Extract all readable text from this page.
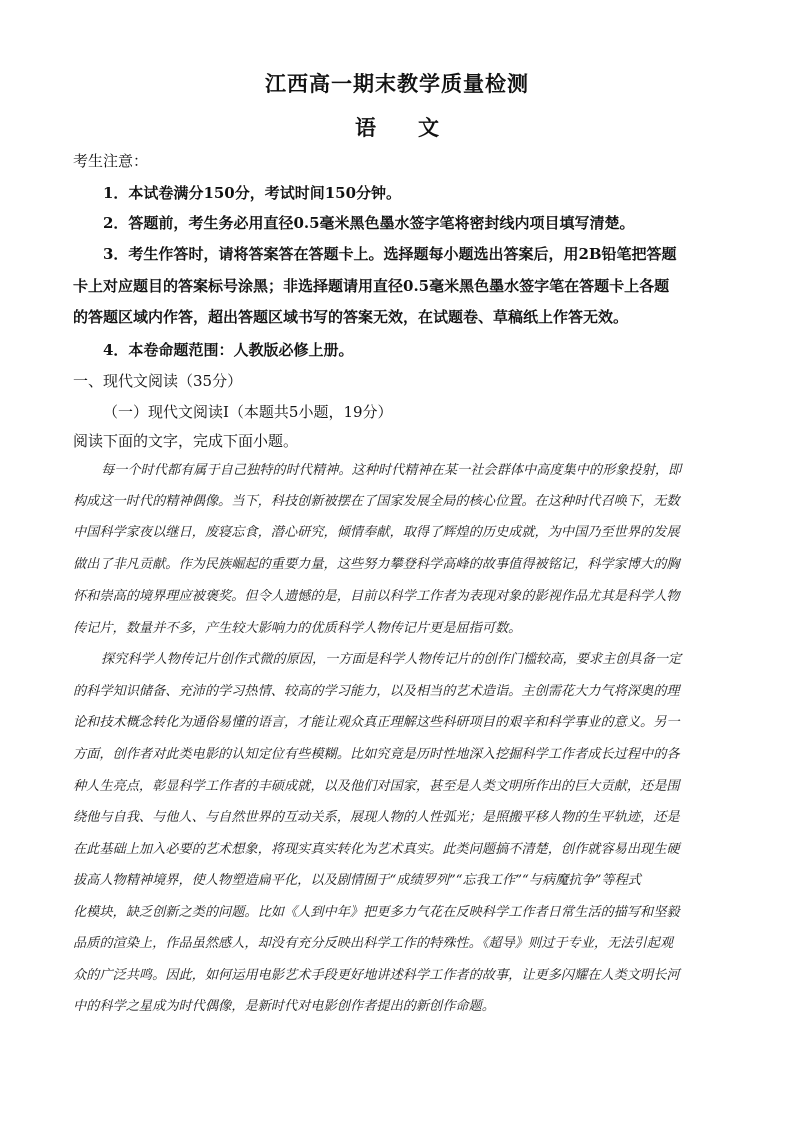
江西高一期末教学质量检测
语　　文
考生注意：
1．本试卷满分150分，考试时间150分钟。
2．答题前，考生务必用直径0.5毫米黑色墨水签字笔将密封线内项目填写清楚。
3．考生作答时，请将答案答在答题卡上。选择题每小题选出答案后，用2B铅笔把答题
卡上对应题目的答案标号涂黑；非选择题请用直径0.5毫米黑色墨水签字笔在答题卡上各题
的答题区域内作答，超出答题区域书写的答案无效，在试题卷、草稿纸上作答无效。
4．本卷命题范围：人教版必修上册。
一、现代文阅读（35分）
（一）现代文阅读Ⅰ（本题共5小题，19分）
阅读下面的文字，完成下面小题。
每一个时代都有属于自己独特的时代精神。这种时代精神在某一社会群体中高度集中的形象投射，即
构成这一时代的精神偶像。当下，科技创新被摆在了国家发展全局的核心位置。在这种时代召唤下，无数
中国科学家夜以继日，废寝忘食，潜心研究，倾情奉献，取得了辉煌的历史成就，为中国乃至世界的发展
做出了非凡贡献。作为民族崛起的重要力量，这些努力攀登科学高峰的故事值得被铭记，科学家博大的胸
怀和崇高的境界理应被褒奖。但令人遗憾的是，目前以科学工作者为表现对象的影视作品尤其是科学人物
传记片，数量并不多，产生较大影响力的优质科学人物传记片更是屈指可数。
探究科学人物传记片创作式微的原因，一方面是科学人物传记片的创作门槛较高，要求主创具备一定
的科学知识储备、充沛的学习热情、较高的学习能力，以及相当的艺术造诣。主创需花大力气将深奥的理
论和技术概念转化为通俗易懂的语言，才能让观众真正理解这些科研项目的艰辛和科学事业的意义。另一
方面，创作者对此类电影的认知定位有些模糊。比如究竟是历时性地深入挖掘科学工作者成长过程中的各
种人生亮点，彰显科学工作者的丰硕成就，以及他们对国家，甚至是人类文明所作出的巨大贡献，还是围
绕他与自我、与他人、与自然世界的互动关系，展现人物的人性弧光；是照搬平移人物的生平轨迹，还是
在此基础上加入必要的艺术想象，将现实真实转化为艺术真实。此类问题搞不清楚，创作就容易出现生硬
拔高人物精神境界，使人物塑造扁平化，以及剧情囿于“成绩罗列”“忘我工作”“与病魔抗争”等程式
化模块，缺乏创新之类的问题。比如《人到中年》把更多力气花在反映科学工作者日常生活的描写和坚毅
品质的渲染上，作品虽然感人，却没有充分反映出科学工作的特殊性。《超导》则过于专业，无法引起观
众的广泛共鸣。因此，如何运用电影艺术手段更好地讲述科学工作者的故事，让更多闪耀在人类文明长河
中的科学之星成为时代偶像，是新时代对电影创作者提出的新创作命题。
